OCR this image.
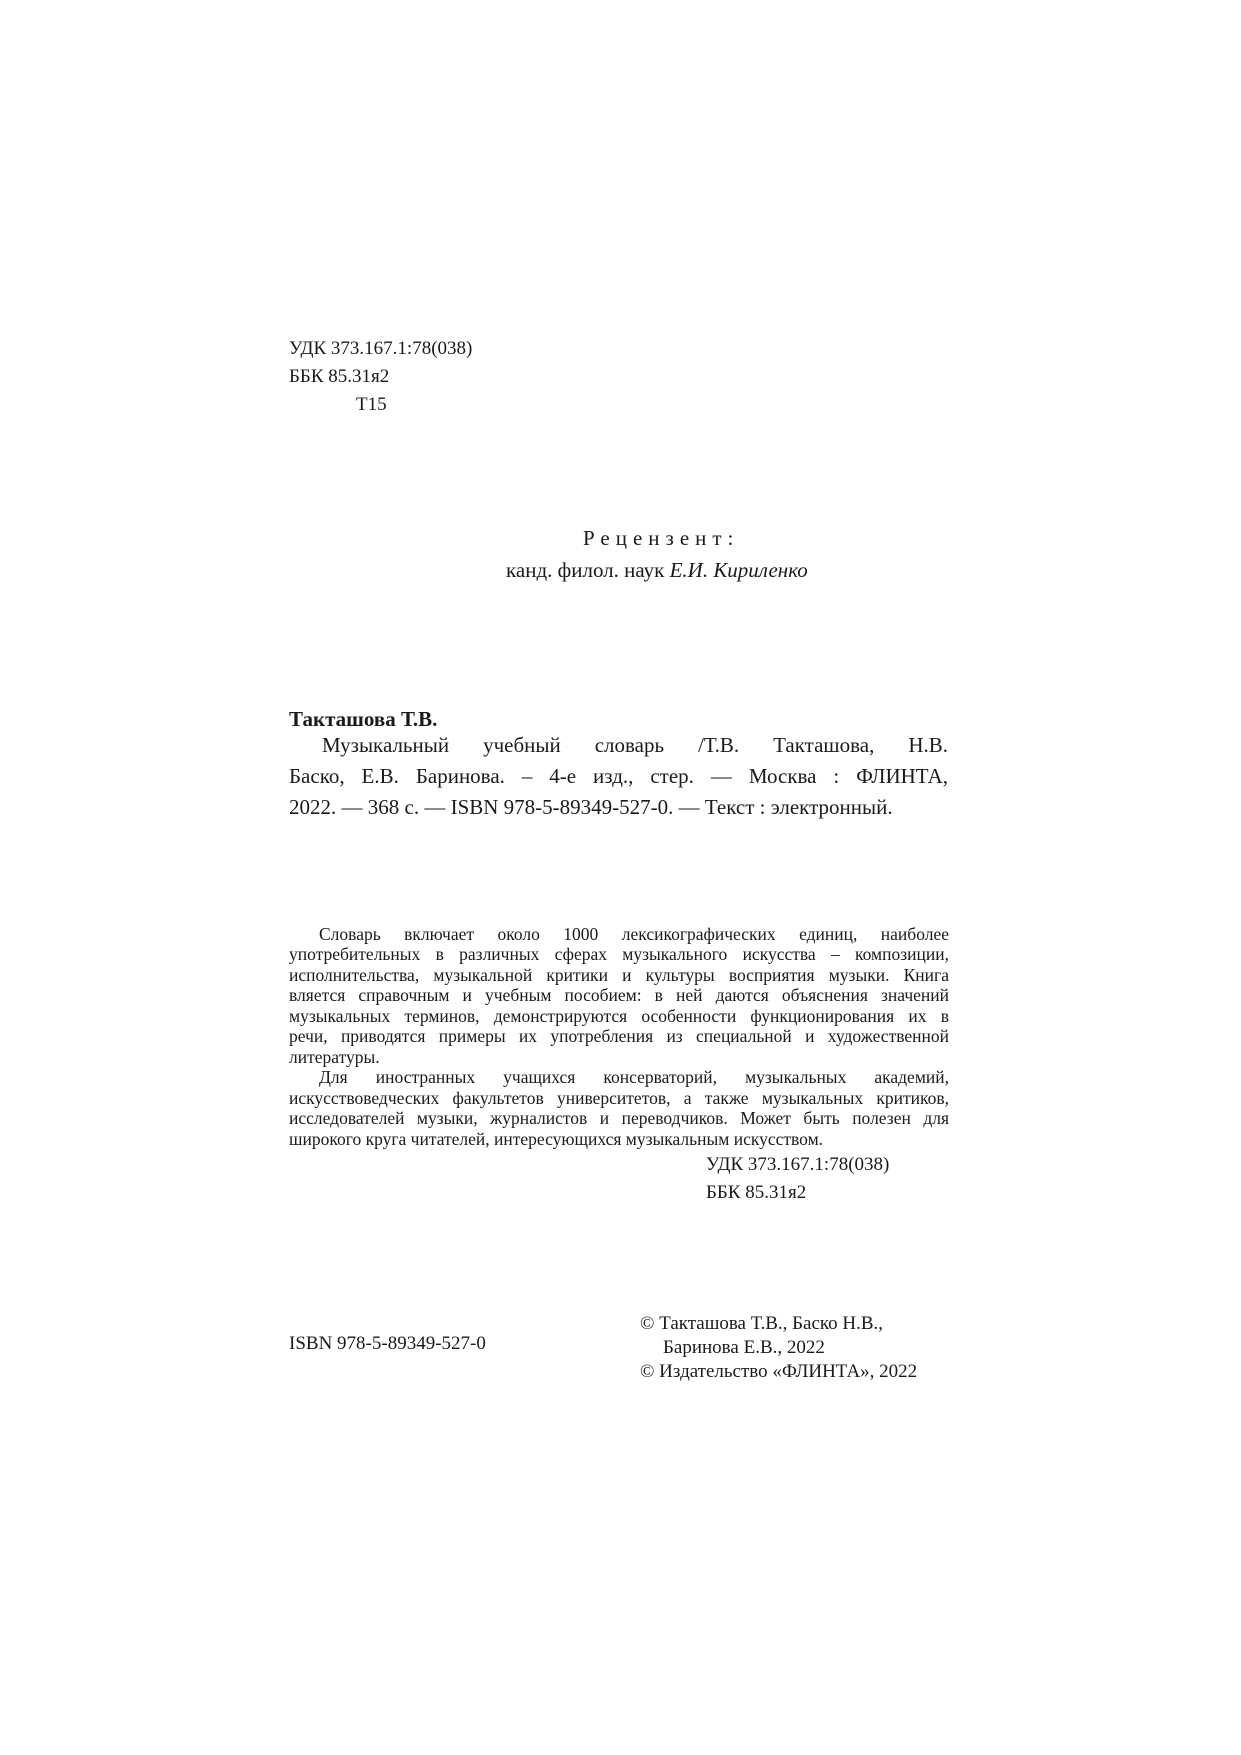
УДК 373.167.1:78(038)
ББК 85.31я2
Т15
Рецензент:
канд. филол. наук Е.И. Кириленко
Такташова Т.В.
Музыкальный учебный словарь /Т.В. Такташова, Н.В.
Баско, Е.В. Баринова. – 4-е изд., стер. — Москва : ФЛИНТА,
2022. — 368 с. — ISBN 978-5-89349-527-0. — Текст : электронный.
Словарь включает около 1000 лексикографических единиц, наиболее
употребительных в различных сферах музыкального искусства – композиции,
исполнительства, музыкальной критики и культуры восприятия музыки. Книга
вляется справочным и учебным пособием: в ней даются объяснения значений
музыкальных терминов, демонстрируются особенности функционирования их в
речи, приводятся примеры их употребления из специальной и художественной
литературы.
Для иностранных учащихся консерваторий, музыкальных академий,
искусствоведческих факультетов университетов, а также музыкальных критиков,
исследователей музыки, журналистов и переводчиков. Может быть полезен для
широкого круга читателей, интересующихся музыкальным искусством.
УДК 373.167.1:78(038)
ББК 85.31я2
ISBN 978-5-89349-527-0
© Такташова Т.В., Баско Н.В.,
Баринова Е.В., 2022
© Издательство «ФЛИНТА», 2022
